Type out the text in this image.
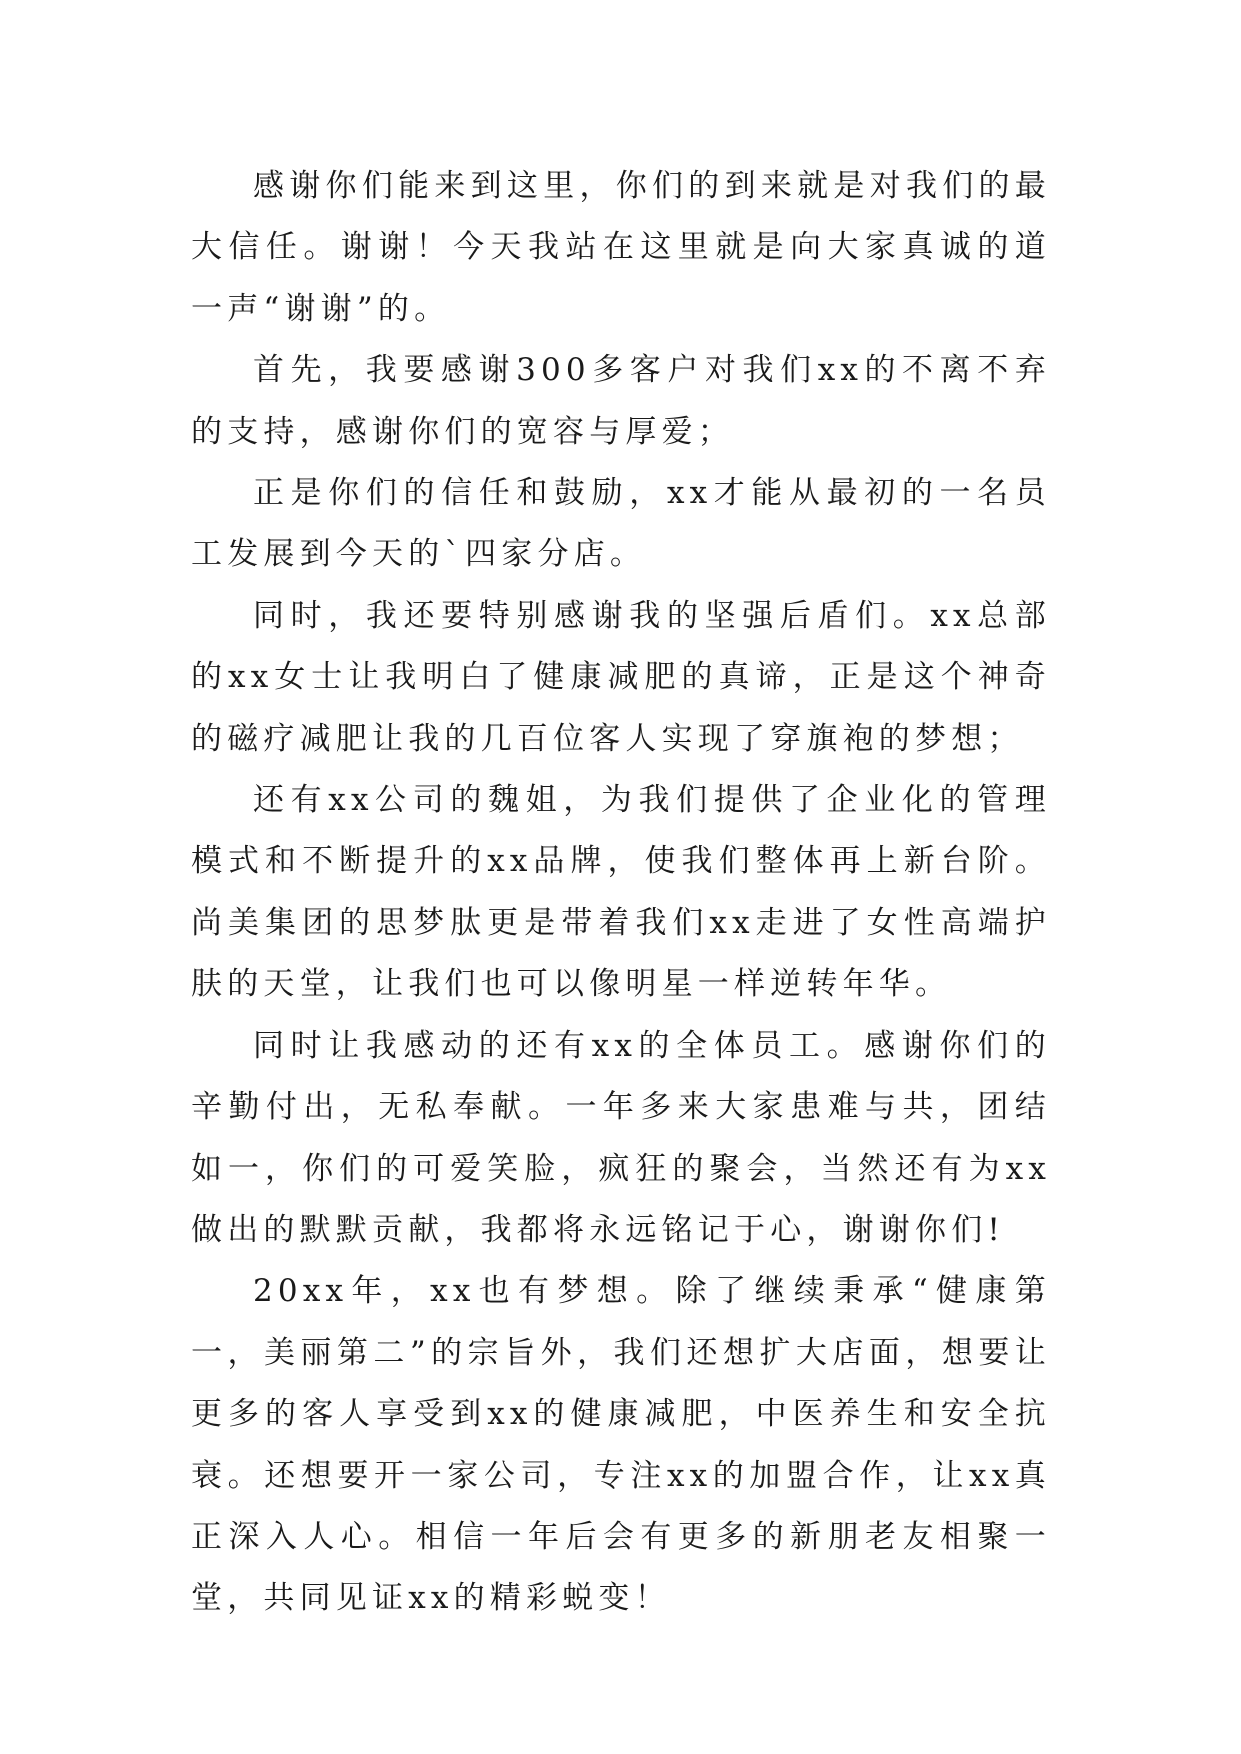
感谢你们能来到这里，你们的到来就是对我们的最大信任。谢谢！今天我站在这里就是向大家真诚的道一声“谢谢”的。

首先，我要感谢300多客户对我们xx的不离不弃的支持，感谢你们的宽容与厚爱；

正是你们的信任和鼓励，xx才能从最初的一名员工发展到今天的`四家分店。

同时，我还要特别感谢我的坚强后盾们。xx总部的xx女士让我明白了健康减肥的真谛，正是这个神奇的磁疗减肥让我的几百位客人实现了穿旗袍的梦想；

还有xx公司的魏姐，为我们提供了企业化的管理模式和不断提升的xx品牌，使我们整体再上新台阶。尚美集团的思梦肽更是带着我们xx走进了女性高端护肤的天堂，让我们也可以像明星一样逆转年华。

同时让我感动的还有xx的全体员工。感谢你们的辛勤付出，无私奉献。一年多来大家患难与共，团结如一，你们的可爱笑脸，疯狂的聚会，当然还有为xx做出的默默贡献，我都将永远铭记于心，谢谢你们!

20xx年，xx也有梦想。除了继续秉承“健康第一，美丽第二”的宗旨外，我们还想扩大店面，想要让更多的客人享受到xx的健康减肥，中医养生和安全抗衰。还想要开一家公司，专注xx的加盟合作，让xx真正深入人心。相信一年后会有更多的新朋老友相聚一堂，共同见证xx的精彩蜕变！
